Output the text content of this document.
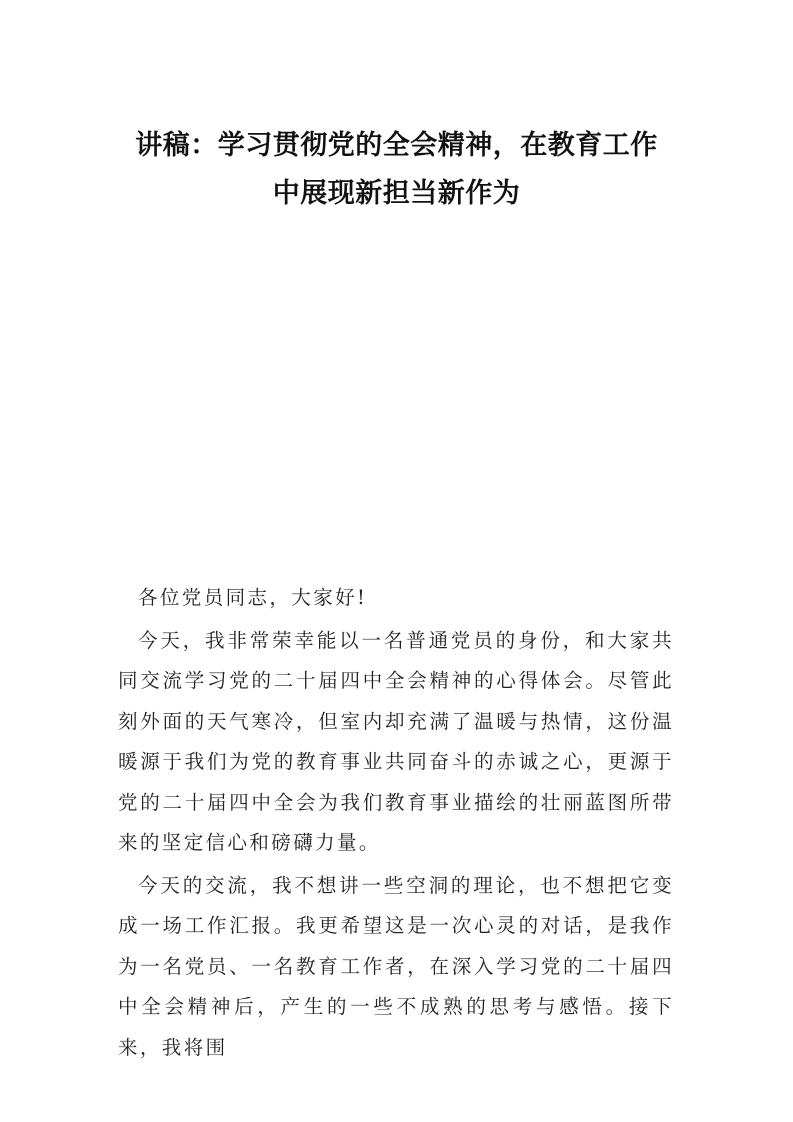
讲稿：学习贯彻党的全会精神，在教育工作
中展现新担当新作为

各位党员同志，大家好!

今天，我非常荣幸能以一名普通党员的身份，和大家共同交流学习党的二十届四中全会精神的心得体会。尽管此刻外面的天气寒冷，但室内却充满了温暖与热情，这份温暖源于我们为党的教育事业共同奋斗的赤诚之心，更源于党的二十届四中全会为我们教育事业描绘的壮丽蓝图所带来的坚定信心和磅礴力量。

今天的交流，我不想讲一些空洞的理论，也不想把它变成一场工作汇报。我更希望这是一次心灵的对话，是我作为一名党员、一名教育工作者，在深入学习党的二十届四中全会精神后，产生的一些不成熟的思考与感悟。接下来，我将围
